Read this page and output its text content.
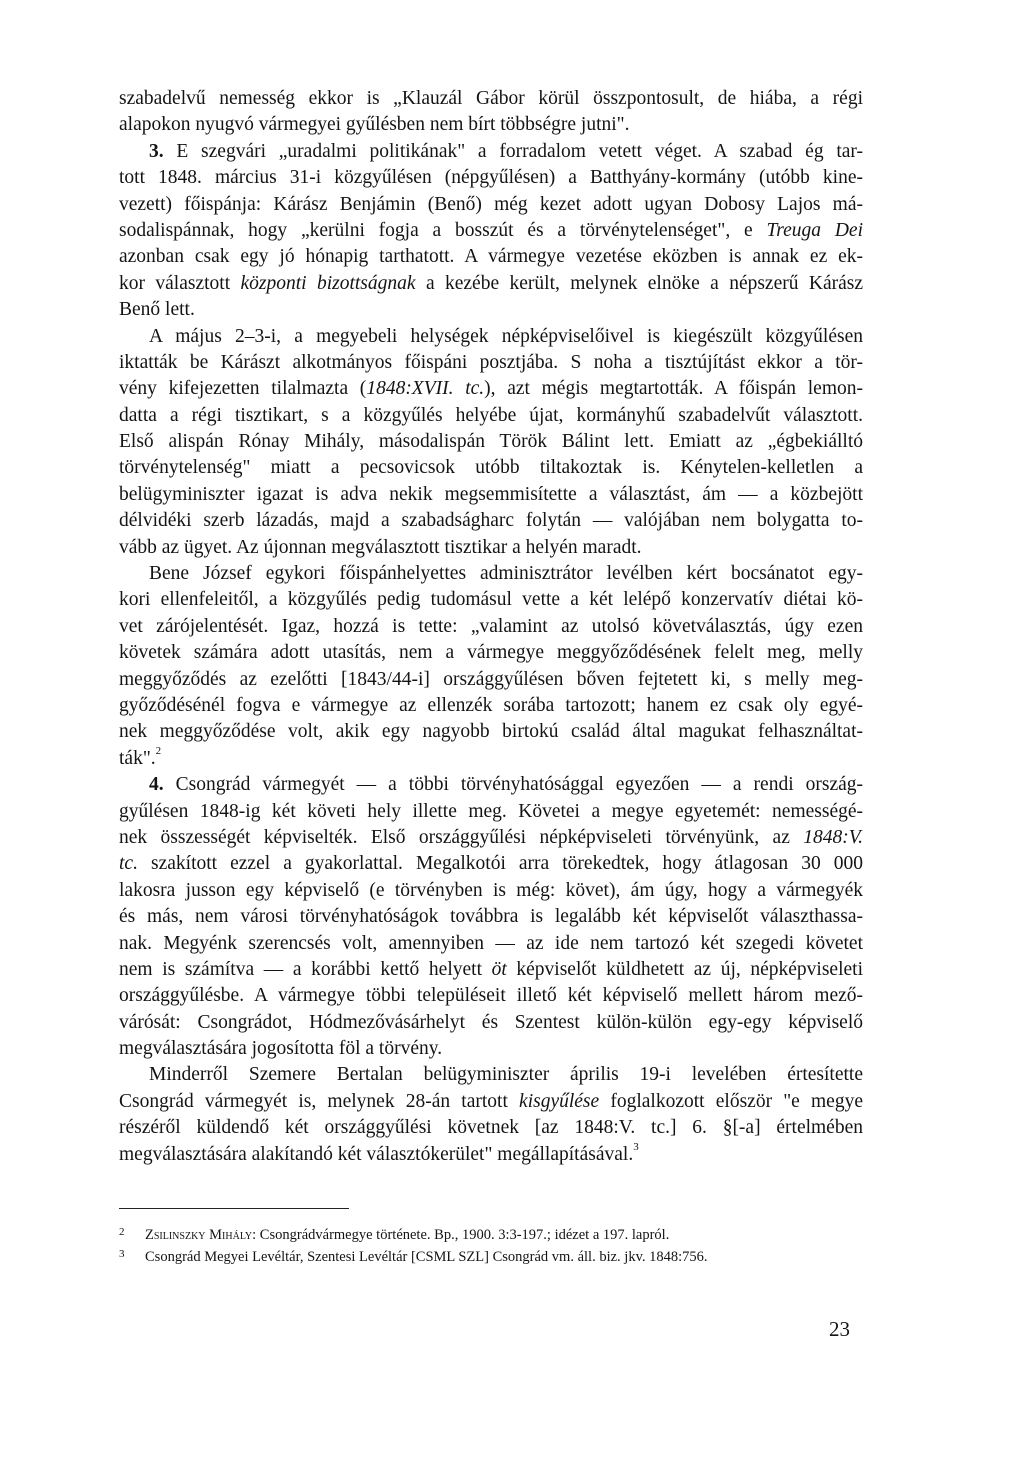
szabadelvű nemesség ekkor is „Klauzál Gábor körül összpontosult, de hiába, a régi
alapokon nyugvó vármegyei gyűlésben nem bírt többségre jutni".
3. E szegvári „uradalmi politikának" a forradalom vetett véget. A szabad ég tar-
tott 1848. március 31-i közgyűlésen (népgyűlésen) a Batthyány-kormány (utóbb kine-
vezett) főispánja: Kárász Benjámin (Benő) még kezet adott ugyan Dobosy Lajos má-
sodalispánnak, hogy „kerülni fogja a bosszút és a törvénytelenséget", e Treuga Dei
azonban csak egy jó hónapig tarthatott. A vármegye vezetése eközben is annak ez ek-
kor választott központi bizottságnak a kezébe került, melynek elnöke a népszerű Kárász
Benő lett.
A május 2–3-i, a megyebeli helységek népképviselőivel is kiegészült közgyűlésen
iktatták be Kárászt alkotmányos főispáni posztjába. S noha a tisztújítást ekkor a tör-
vény kifejezetten tilalmazta (1848:XVII. tc.), azt mégis megtartották. A főispán lemon-
datta a régi tisztikart, s a közgyűlés helyébe újat, kormányhű szabadelvűt választott.
Első alispán Rónay Mihály, másodalispán Török Bálint lett. Emiatt az „égbekiálltó
törvénytelenség" miatt a pecsovicsok utóbb tiltakoztak is. Kénytelen-kelletlen a
belügyminiszter igazat is adva nekik megsemmisítette a választást, ám — a közbejött
délvidéki szerb lázadás, majd a szabadságharc folytán — valójában nem bolygatta to-
vább az ügyet. Az újonnan megválasztott tisztikar a helyén maradt.
Bene József egykori főispánhelyettes adminisztrátor levélben kért bocsánatot egy-
kori ellenfeleitől, a közgyűlés pedig tudomásul vette a két lelépő konzervatív diétai kö-
vet zárójelentését. Igaz, hozzá is tette: „valamint az utolsó követválasztás, úgy ezen
követek számára adott utasítás, nem a vármegye meggyőződésének felelt meg, melly
meggyőződés az ezelőtti [1843/44-i] országgyűlésen bőven fejtetett ki, s melly meg-
győződésénél fogva e vármegye az ellenzék sorába tartozott; hanem ez csak oly egyé-
nek meggyőződése volt, akik egy nagyobb birtokú család által magukat felhasználtat-
ták".$^2$
4. Csongrád vármegyét — a többi törvényhatósággal egyezően — a rendi ország-
gyűlésen 1848-ig két követi hely illette meg. Követei a megye egyetemét: nemességé-
nek összességét képviselték. Első országgyűlési népképviseleti törvényünk, az 1848:V.
tc. szakított ezzel a gyakorlattal. Megalkotói arra törekedtek, hogy átlagosan 30 000
lakosra jusson egy képviselő (e törvényben is még: követ), ám úgy, hogy a vármegyék
és más, nem városi törvényhatóságok továbbra is legalább két képviselőt választhassa-
nak. Megyénk szerencsés volt, amennyiben — az ide nem tartozó két szegedi követet
nem is számítva — a korábbi kettő helyett öt képviselőt küldhetett az új, népképviseleti
országgyűlésbe. A vármegye többi településeit illető két képviselő mellett három mező-
várósát: Csongrádot, Hódmezővásárhelyt és Szentest külön-külön egy-egy képviselő
megválasztására jogosította föl a törvény.
Minderről Szemere Bertalan belügyminiszter április 19-i levelében értesítette
Csongrád vármegyét is, melynek 28-án tartott kisgyűlése foglalkozott először "e megye
részéről küldendő két országgyűlési követnek [az 1848:V. tc.] 6. §[-a] értelmében
megválasztására alakítandó két választókerület" megállapításával.$^3$
2 Zsilinszky Mihály: Csongrádvármegye története. Bp., 1900. 3:3-197.; idézet a 197. lapról.
3 Csongrád Megyei Levéltár, Szentesi Levéltár [CSML SZL] Csongrád vm. áll. biz. jkv. 1848:756.
23
